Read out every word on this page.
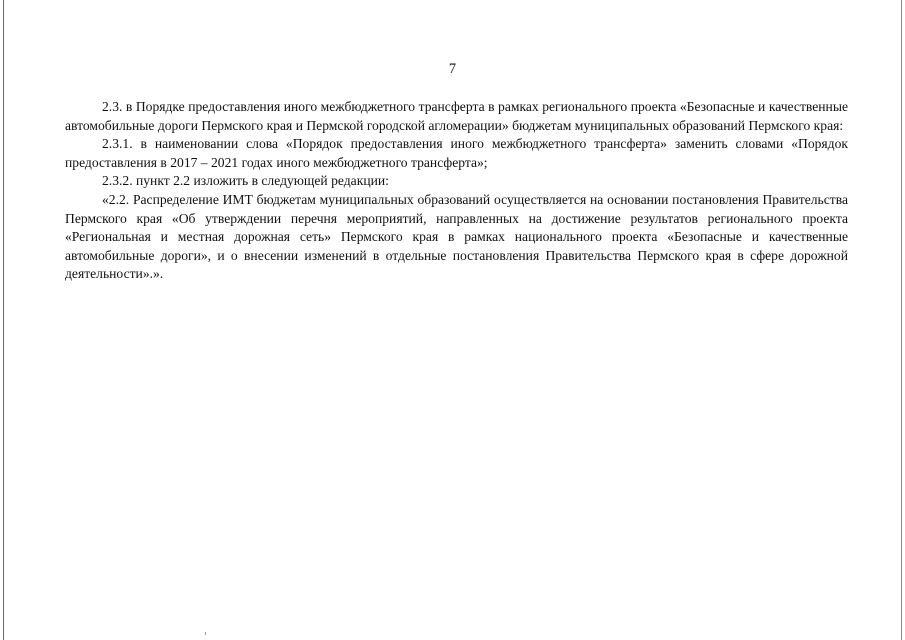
7

2.3. в Порядке предоставления иного межбюджетного трансферта в рамках регионального проекта «Безопасные и качественные автомобильные дороги Пермского края и Пермской городской агломерации» бюджетам муниципальных образований Пермского края:

2.3.1. в наименовании слова «Порядок предоставления иного межбюджетного трансферта» заменить словами «Порядок предоставления в 2017 – 2021 годах иного межбюджетного трансферта»;

2.3.2. пункт 2.2 изложить в следующей редакции:

«2.2. Распределение ИМТ бюджетам муниципальных образований осуществляется на основании постановления Правительства Пермского края «Об утверждении перечня мероприятий, направленных на достижение результатов регионального проекта «Региональная и местная дорожная сеть» Пермского края в рамках национального проекта «Безопасные и качественные автомобильные дороги», и о внесении изменений в отдельные постановления Правительства Пермского края в сфере дорожной деятельности».».
